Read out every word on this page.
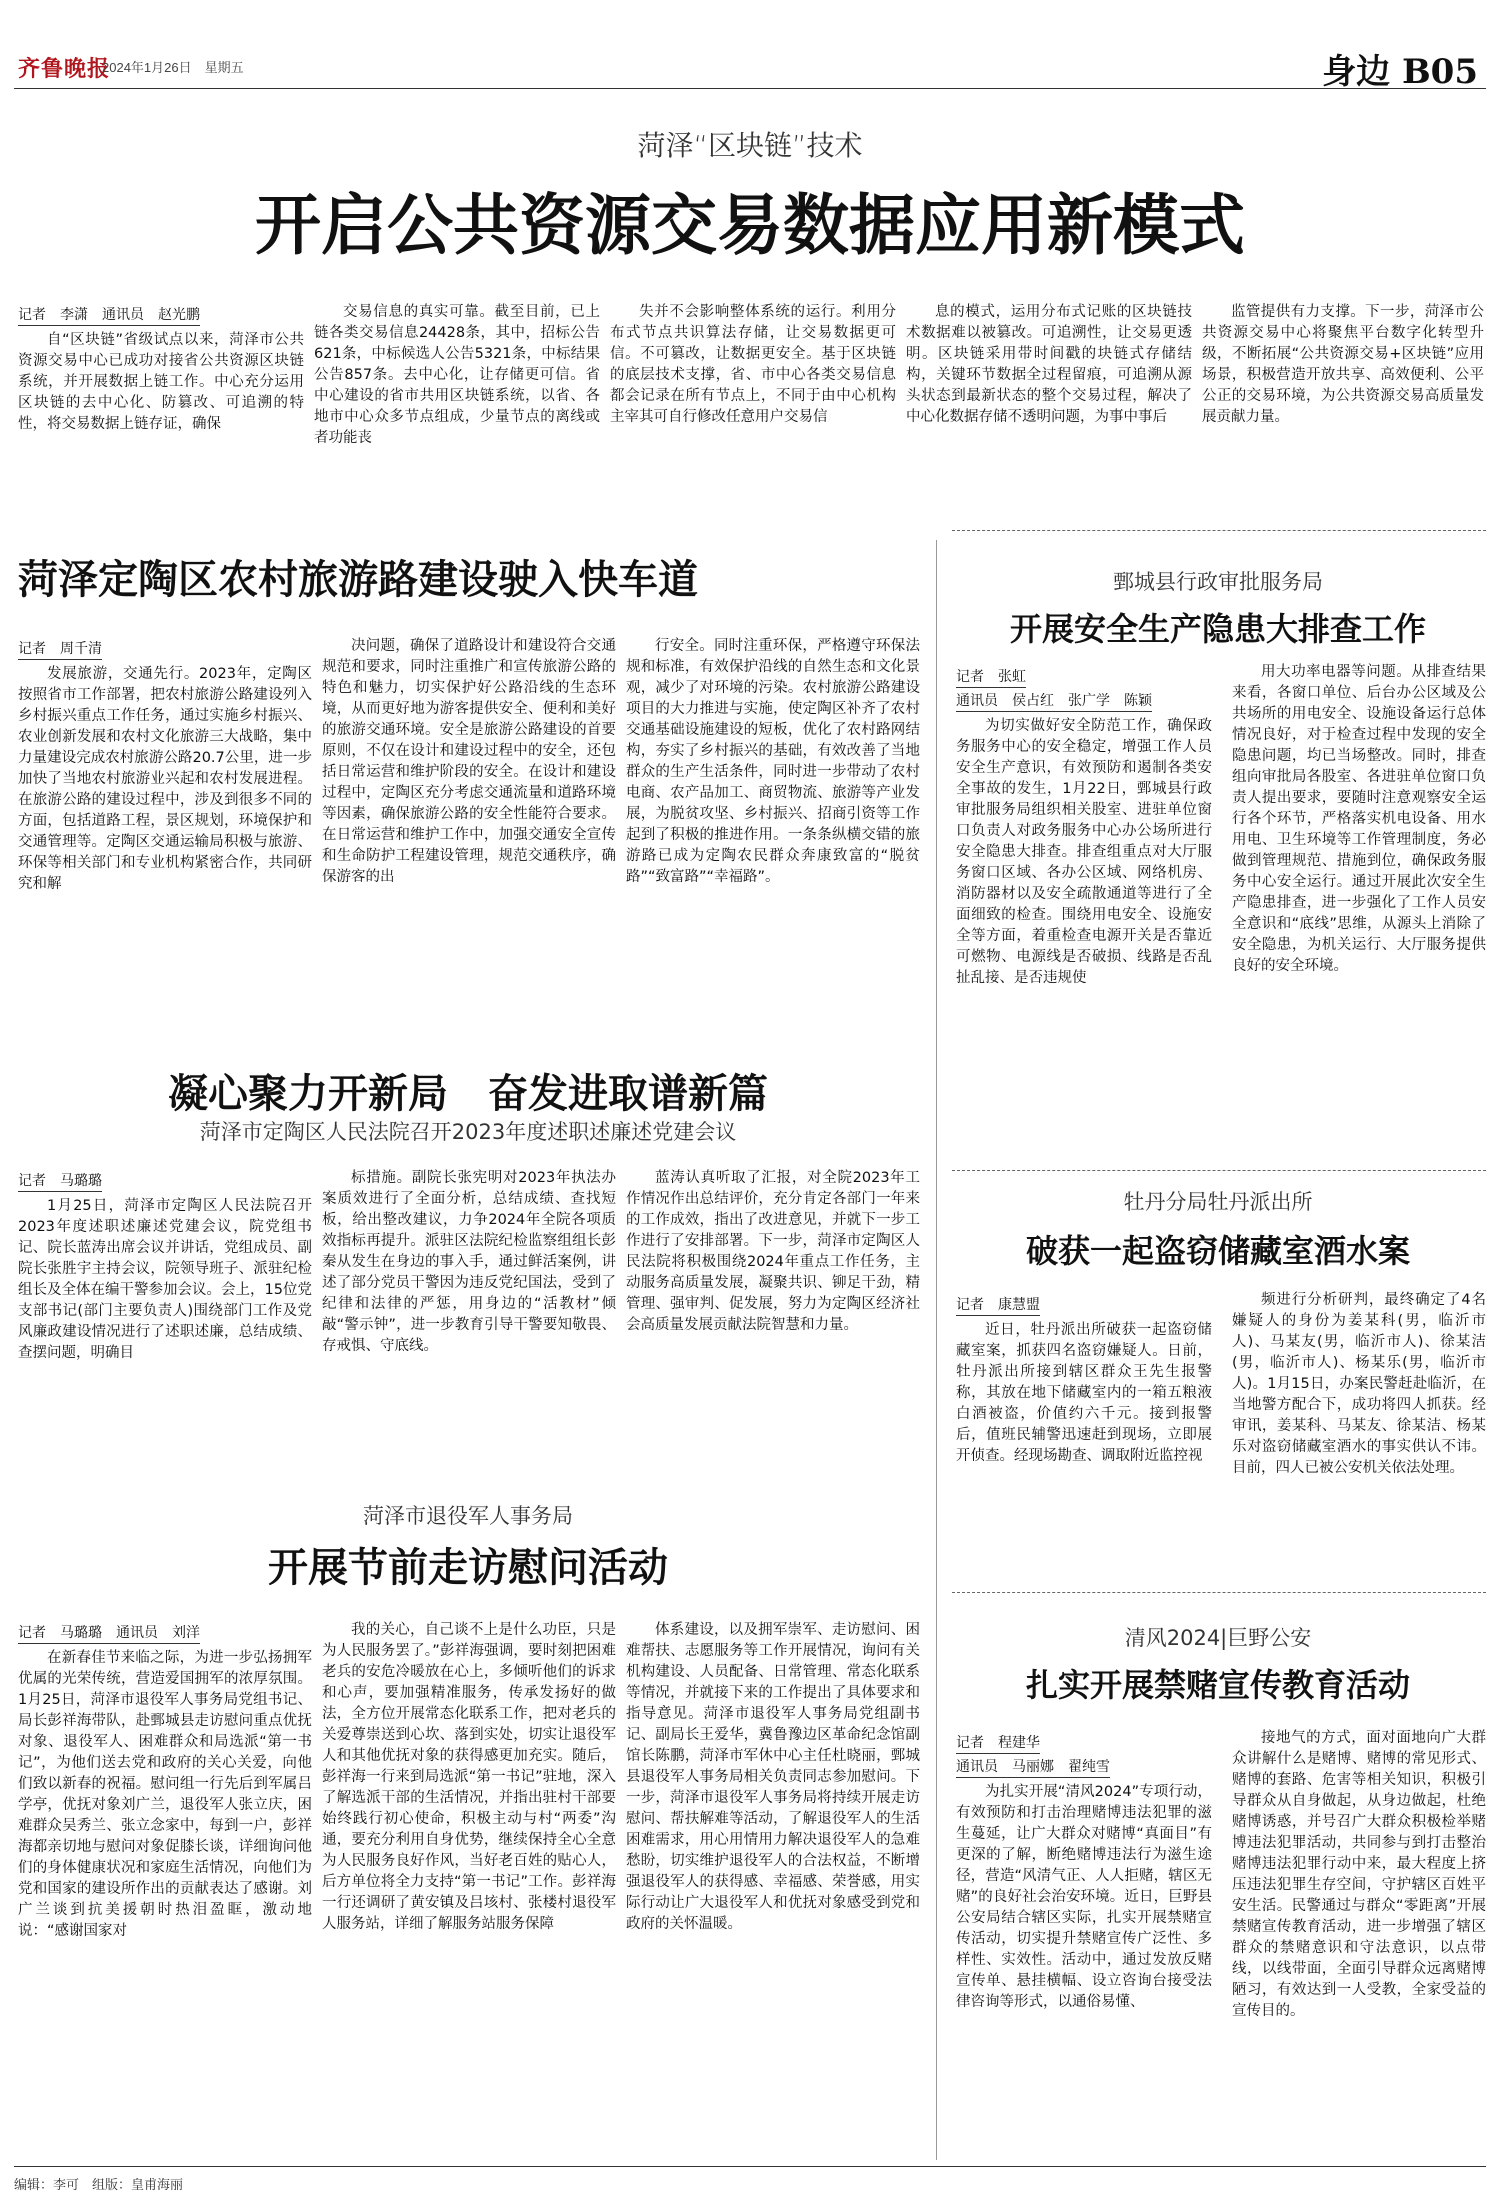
齐鲁晚报
2024年1月26日　星期五	身边 B05
菏泽“区块链”技术
开启公共资源交易数据应用新模式
记者　李潇　通讯员　赵光鹏

自“区块链”省级试点以来，菏泽市公共资源交易中心已成功对接省公共资源区块链系统，并开展数据上链工作。中心充分运用区块链的去中心化、防篡改、可追溯的特性，将交易数据上链存证，确保

交易信息的真实可靠。截至目前，已上链各类交易信息24428条，其中，招标公告621条，中标候选人公告5321条，中标结果公告857条。去中心化，让存储更可信。省中心建设的省市共用区块链系统，以省、各地市中心众多节点组成，少量节点的离线或者功能丧

失并不会影响整体系统的运行。利用分布式节点共识算法存储，让交易数据更可信。不可篡改，让数据更安全。基于区块链的底层技术支撑，省、市中心各类交易信息都会记录在所有节点上，不同于由中心机构主宰其可自行修改任意用户交易信

息的模式，运用分布式记账的区块链技术数据难以被篡改。可追溯性，让交易更透明。区块链采用带时间戳的块链式存储结构，关键环节数据全过程留痕，可追溯从源头状态到最新状态的整个交易过程，解决了中心化数据存储不透明问题，为事中事后

监管提供有力支撑。下一步，菏泽市公共资源交易中心将聚焦平台数字化转型升级，不断拓展“公共资源交易+区块链”应用场景，积极营造开放共享、高效便利、公平公正的交易环境，为公共资源交易高质量发展贡献力量。

菏泽定陶区农村旅游路建设驶入快车道
记者　周千清

发展旅游，交通先行。2023年，定陶区按照省市工作部署，把农村旅游公路建设列入乡村振兴重点工作任务，通过实施乡村振兴、农业创新发展和农村文化旅游三大战略，集中力量建设完成农村旅游公路20.7公里，进一步加快了当地农村旅游业兴起和农村发展进程。在旅游公路的建设过程中，涉及到很多不同的方面，包括道路工程，景区规划，环境保护和交通管理等。定陶区交通运输局积极与旅游、环保等相关部门和专业机构紧密合作，共同研究和解

决问题，确保了道路设计和建设符合交通规范和要求，同时注重推广和宣传旅游公路的特色和魅力，切实保护好公路沿线的生态环境，从而更好地为游客提供安全、便利和美好的旅游交通环境。安全是旅游公路建设的首要原则，不仅在设计和建设过程中的安全，还包括日常运营和维护阶段的安全。在设计和建设过程中，定陶区充分考虑交通流量和道路环境等因素，确保旅游公路的安全性能符合要求。在日常运营和维护工作中，加强交通安全宣传和生命防护工程建设管理，规范交通秩序，确保游客的出

行安全。同时注重环保，严格遵守环保法规和标准，有效保护沿线的自然生态和文化景观，减少了对环境的污染。农村旅游公路建设项目的大力推进与实施，使定陶区补齐了农村交通基础设施建设的短板，优化了农村路网结构，夯实了乡村振兴的基础，有效改善了当地群众的生产生活条件，同时进一步带动了农村电商、农产品加工、商贸物流、旅游等产业发展，为脱贫攻坚、乡村振兴、招商引资等工作起到了积极的推进作用。一条条纵横交错的旅游路已成为定陶农民群众奔康致富的“脱贫路”“致富路”“幸福路”。

凝心聚力开新局　奋发进取谱新篇
菏泽市定陶区人民法院召开2023年度述职述廉述党建会议
记者　马璐璐

1月25日，菏泽市定陶区人民法院召开2023年度述职述廉述党建会议，院党组书记、院长蓝涛出席会议并讲话，党组成员、副院长张胜宇主持会议，院领导班子、派驻纪检组长及全体在编干警参加会议。会上，15位党支部书记(部门主要负责人)围绕部门工作及党风廉政建设情况进行了述职述廉，总结成绩、查摆问题，明确目

标措施。副院长张宪明对2023年执法办案质效进行了全面分析，总结成绩、查找短板，给出整改建议，力争2024年全院各项质效指标再提升。派驻区法院纪检监察组组长彭秦从发生在身边的事入手，通过鲜活案例，讲述了部分党员干警因为违反党纪国法，受到了纪律和法律的严惩，用身边的“活教材”倾敲“警示钟”，进一步教育引导干警要知敬畏、存戒惧、守底线。

蓝涛认真听取了汇报，对全院2023年工作情况作出总结评价，充分肯定各部门一年来的工作成效，指出了改进意见，并就下一步工作进行了安排部署。下一步，菏泽市定陶区人民法院将积极围绕2024年重点工作任务，主动服务高质量发展，凝聚共识、铆足干劲，精管理、强审判、促发展，努力为定陶区经济社会高质量发展贡献法院智慧和力量。

菏泽市退役军人事务局
开展节前走访慰问活动
记者　马璐璐　通讯员　刘洋

在新春佳节来临之际，为进一步弘扬拥军优属的光荣传统，营造爱国拥军的浓厚氛围。1月25日，菏泽市退役军人事务局党组书记、局长彭祥海带队，赴鄄城县走访慰问重点优抚对象、退役军人、困难群众和局选派“第一书记”，为他们送去党和政府的关心关爱，向他们致以新春的祝福。慰问组一行先后到军属吕学亭，优抚对象刘广兰，退役军人张立庆，困难群众吴秀兰、张立念家中，每到一户，彭祥海都亲切地与慰问对象促膝长谈，详细询问他们的身体健康状况和家庭生活情况，向他们为党和国家的建设所作出的贡献表达了感谢。刘广兰谈到抗美援朝时热泪盈眶，激动地说：“感谢国家对

我的关心，自己谈不上是什么功臣，只是为人民服务罢了。”彭祥海强调，要时刻把困难老兵的安危冷暖放在心上，多倾听他们的诉求和心声，要加强精准服务，传承发扬好的做法，全方位开展常态化联系工作，把对老兵的关爱尊崇送到心坎、落到实处，切实让退役军人和其他优抚对象的获得感更加充实。随后，彭祥海一行来到局选派“第一书记”驻地，深入了解选派干部的生活情况，并指出驻村干部要始终践行初心使命，积极主动与村“两委”沟通，要充分利用自身优势，继续保持全心全意为人民服务良好作风，当好老百姓的贴心人，后方单位将全力支持“第一书记”工作。彭祥海一行还调研了黄安镇及吕垓村、张楼村退役军人服务站，详细了解服务站服务保障

体系建设，以及拥军崇军、走访慰问、困难帮扶、志愿服务等工作开展情况，询问有关机构建设、人员配备、日常管理、常态化联系等情况，并就接下来的工作提出了具体要求和指导意见。菏泽市退役军人事务局党组副书记、副局长王爱华，冀鲁豫边区革命纪念馆副馆长陈鹏，菏泽市军休中心主任杜晓丽，鄄城县退役军人事务局相关负责同志参加慰问。下一步，菏泽市退役军人事务局将持续开展走访慰问、帮扶解难等活动，了解退役军人的生活困难需求，用心用情用力解决退役军人的急难愁盼，切实维护退役军人的合法权益，不断增强退役军人的获得感、幸福感、荣誉感，用实际行动让广大退役军人和优抚对象感受到党和政府的关怀温暖。

鄄城县行政审批服务局
开展安全生产隐患大排查工作
记者　张虹
通讯员　侯占红　张广学　陈颖

为切实做好安全防范工作，确保政务服务中心的安全稳定，增强工作人员安全生产意识，有效预防和遏制各类安全事故的发生，1月22日，鄄城县行政审批服务局组织相关股室、进驻单位窗口负责人对政务服务中心办公场所进行安全隐患大排查。排查组重点对大厅服务窗口区域、各办公区域、网络机房、消防器材以及安全疏散通道等进行了全面细致的检查。围绕用电安全、设施安全等方面，着重检查电源开关是否靠近可燃物、电源线是否破损、线路是否乱扯乱接、是否违规使

用大功率电器等问题。从排查结果来看，各窗口单位、后台办公区域及公共场所的用电安全、设施设备运行总体情况良好，对于检查过程中发现的安全隐患问题，均已当场整改。同时，排查组向审批局各股室、各进驻单位窗口负责人提出要求，要随时注意观察安全运行各个环节，严格落实机电设备、用水用电、卫生环境等工作管理制度，务必做到管理规范、措施到位，确保政务服务中心安全运行。通过开展此次安全生产隐患排查，进一步强化了工作人员安全意识和“底线”思维，从源头上消除了安全隐患，为机关运行、大厅服务提供良好的安全环境。

牡丹分局牡丹派出所
破获一起盗窃储藏室酒水案
记者　康慧盟

近日，牡丹派出所破获一起盗窃储藏室案，抓获四名盗窃嫌疑人。日前，牡丹派出所接到辖区群众王先生报警称，其放在地下储藏室内的一箱五粮液白酒被盗，价值约六千元。接到报警后，值班民辅警迅速赶到现场，立即展开侦查。经现场勘查、调取附近监控视

频进行分析研判，最终确定了4名嫌疑人的身份为姜某科(男，临沂市人)、马某友(男，临沂市人)、徐某洁(男，临沂市人)、杨某乐(男，临沂市人)。1月15日，办案民警赶赴临沂，在当地警方配合下，成功将四人抓获。经审讯，姜某科、马某友、徐某洁、杨某乐对盗窃储藏室酒水的事实供认不讳。目前，四人已被公安机关依法处理。

清风2024|巨野公安
扎实开展禁赌宣传教育活动
记者　程建华
通讯员　马丽娜　翟纯雪

为扎实开展“清风2024”专项行动，有效预防和打击治理赌博违法犯罪的滋生蔓延，让广大群众对赌博“真面目”有更深的了解，断绝赌博违法行为滋生途径，营造“风清气正、人人拒赌，辖区无赌”的良好社会治安环境。近日，巨野县公安局结合辖区实际，扎实开展禁赌宣传活动，切实提升禁赌宣传广泛性、多样性、实效性。活动中，通过发放反赌宣传单、悬挂横幅、设立咨询台接受法律咨询等形式，以通俗易懂、

接地气的方式，面对面地向广大群众讲解什么是赌博、赌博的常见形式、赌博的套路、危害等相关知识，积极引导群众从自身做起，从身边做起，杜绝赌博诱惑，并号召广大群众积极检举赌博违法犯罪活动，共同参与到打击整治赌博违法犯罪行动中来，最大程度上挤压违法犯罪生存空间，守护辖区百姓平安生活。民警通过与群众“零距离”开展禁赌宣传教育活动，进一步增强了辖区群众的禁赌意识和守法意识，以点带线，以线带面，全面引导群众远离赌博陋习，有效达到一人受教，全家受益的宣传目的。

编辑：李可　组版：皇甫海丽
